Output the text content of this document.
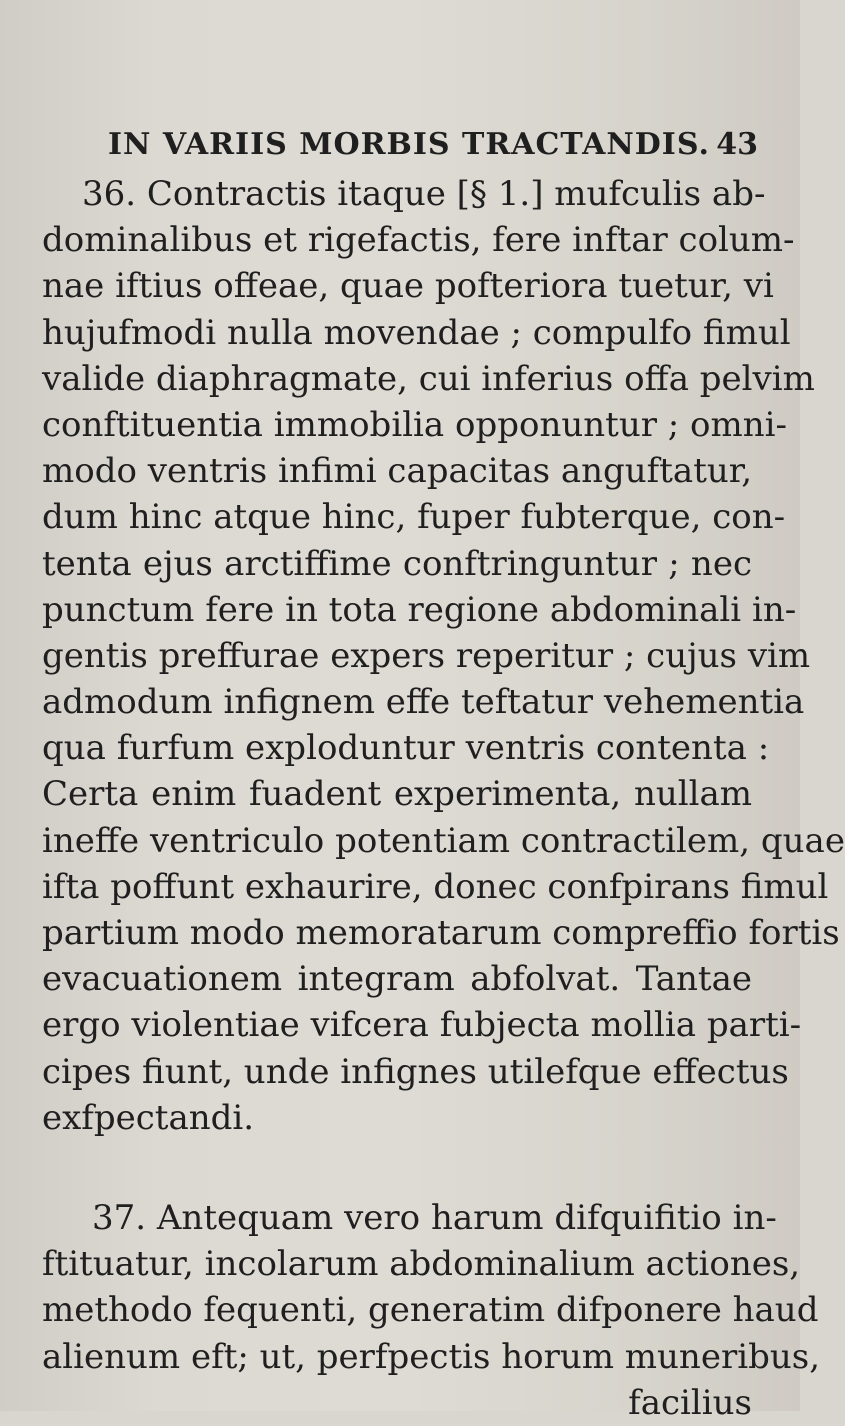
IN VARIIS MORBIS TRACTANDIS. 43
36. Contractis itaque [§ 1.] mufculis ab-
dominalibus et rigefactis, fere inftar colum-
nae iftius offeae, quae pofteriora tuetur, vi
hujufmodi nulla movendae ; compulfo fimul
valide diaphragmate, cui inferius offa pelvim
conftituentia immobilia opponuntur ; omni-
modo ventris infimi capacitas anguftatur,
dum hinc atque hinc, fuper fubterque, con-
tenta ejus arctiffime conftringuntur ; nec
punctum fere in tota regione abdominali in-
gentis preffurae expers reperitur ; cujus vim
admodum infignem effe teftatur vehementia
qua furfum exploduntur ventris contenta :
Certa enim fuadent experimenta, nullam
ineffe ventriculo potentiam contractilem, quae
ifta poffunt exhaurire, donec confpirans fimul
partium modo memoratarum compreffio fortis
evacuationem integram abfolvat. Tantae
ergo violentiae vifcera fubjecta mollia parti-
cipes fiunt, unde infignes utilefque effectus
exfpectandi.
37. Antequam vero harum difquifitio in-
ftituatur, incolarum abdominalium actiones,
methodo fequenti, generatim difponere haud
alienum eft; ut, perfpectis horum muneribus,
facilius
